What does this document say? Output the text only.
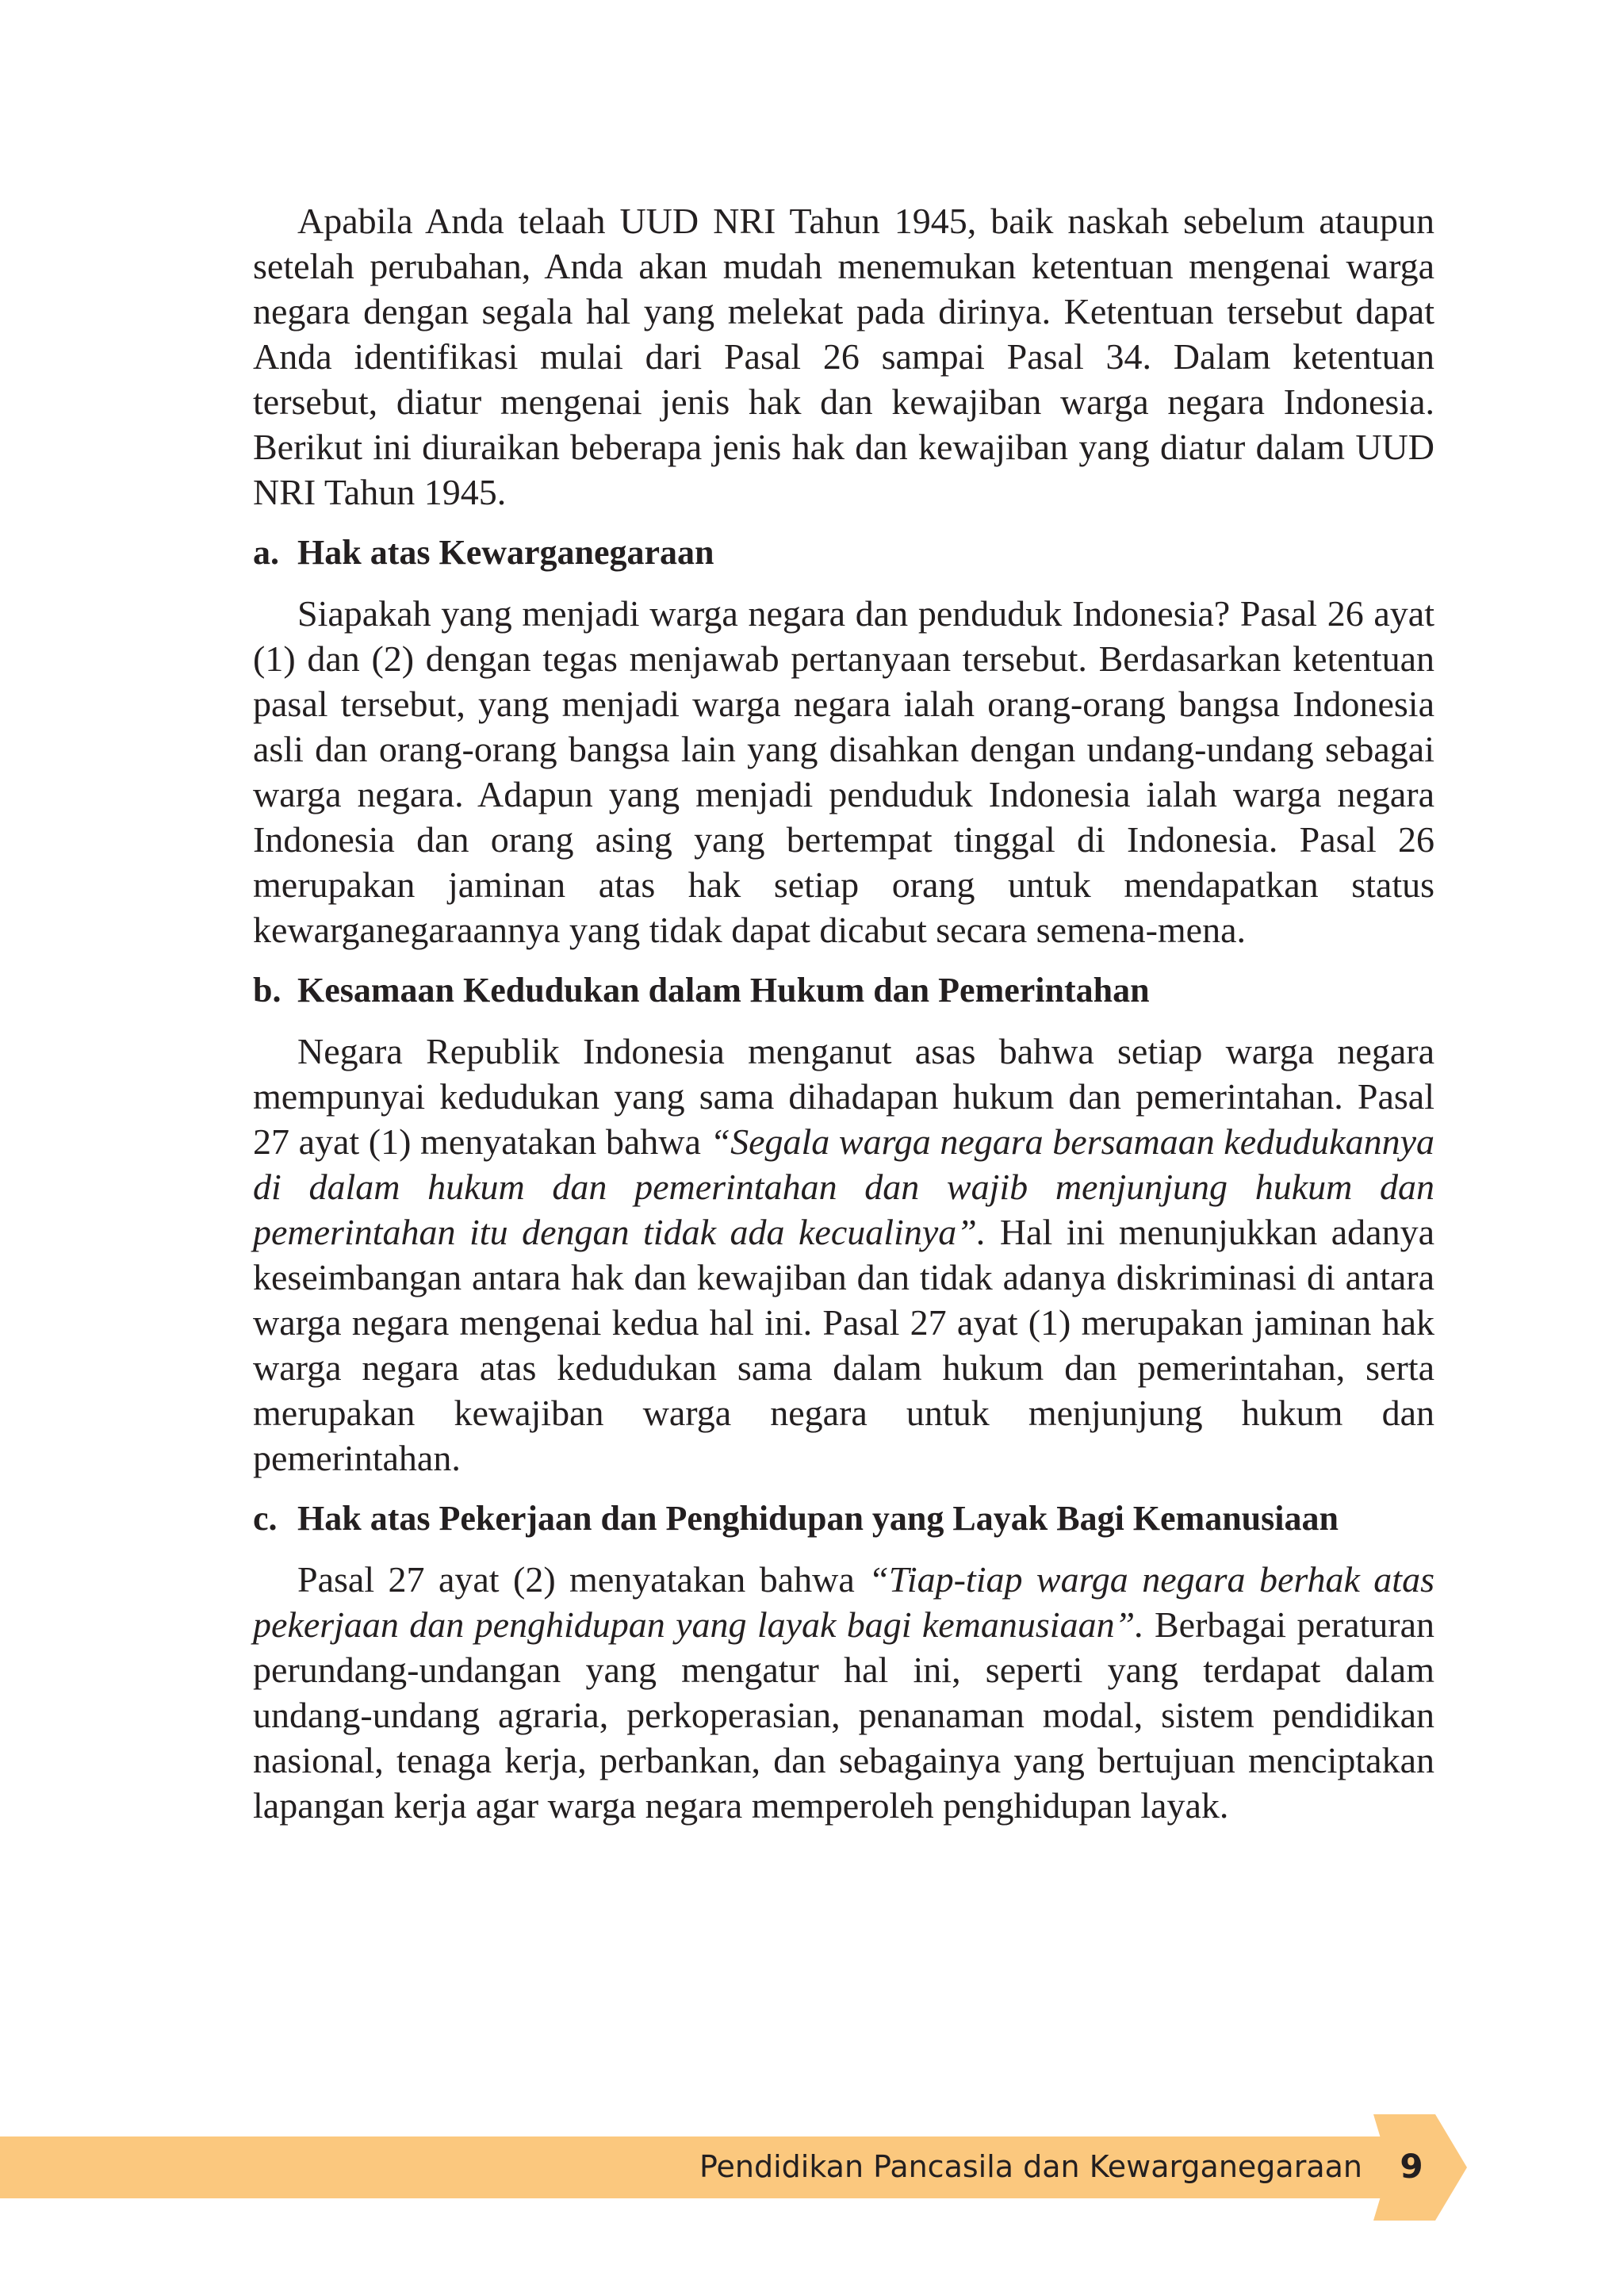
Apabila Anda telaah UUD NRI Tahun 1945, baik naskah sebelum ataupun setelah perubahan, Anda akan mudah menemukan ketentuan mengenai warga negara dengan segala hal yang melekat pada dirinya. Ketentuan tersebut dapat Anda identifikasi mulai dari Pasal 26 sampai Pasal 34. Dalam ketentuan tersebut, diatur mengenai jenis hak dan kewajiban warga negara Indonesia. Berikut ini diuraikan beberapa jenis hak dan kewajiban yang diatur dalam UUD NRI Tahun 1945.

a. Hak atas Kewarganegaraan

Siapakah yang menjadi warga negara dan penduduk Indonesia? Pasal 26 ayat (1) dan (2) dengan tegas menjawab pertanyaan tersebut. Berdasarkan ketentuan pasal tersebut, yang menjadi warga negara ialah orang-orang bangsa Indonesia asli dan orang-orang bangsa lain yang disahkan dengan undang-undang sebagai warga negara. Adapun yang menjadi penduduk Indonesia ialah warga negara Indonesia dan orang asing yang bertempat tinggal di Indonesia. Pasal 26 merupakan jaminan atas hak setiap orang untuk mendapatkan status kewarganegaraannya yang tidak dapat dicabut secara semena-mena.

b. Kesamaan Kedudukan dalam Hukum dan Pemerintahan

Negara Republik Indonesia menganut asas bahwa setiap warga negara mempunyai kedudukan yang sama dihadapan hukum dan pemerintahan. Pasal 27 ayat (1) menyatakan bahwa “Segala warga negara bersamaan kedudukannya di dalam hukum dan pemerintahan dan wajib menjunjung hukum dan pemerintahan itu dengan tidak ada kecualinya”. Hal ini menunjukkan adanya keseimbangan antara hak dan kewajiban dan tidak adanya diskriminasi di antara warga negara mengenai kedua hal ini. Pasal 27 ayat (1) merupakan jaminan hak warga negara atas kedudukan sama dalam hukum dan pemerintahan, serta merupakan kewajiban warga negara untuk menjunjung hukum dan pemerintahan.

c. Hak atas Pekerjaan dan Penghidupan yang Layak Bagi Kemanusiaan

Pasal 27 ayat (2) menyatakan bahwa “Tiap-tiap warga negara berhak atas pekerjaan dan penghidupan yang layak bagi kemanusiaan”. Berbagai peraturan perundang-undangan yang mengatur hal ini, seperti yang terdapat dalam undang-undang agraria, perkoperasian, penanaman modal, sistem pendidikan nasional, tenaga kerja, perbankan, dan sebagainya yang bertujuan menciptakan lapangan kerja agar warga negara memperoleh penghidupan layak.

Pendidikan Pancasila dan Kewarganegaraan	9
